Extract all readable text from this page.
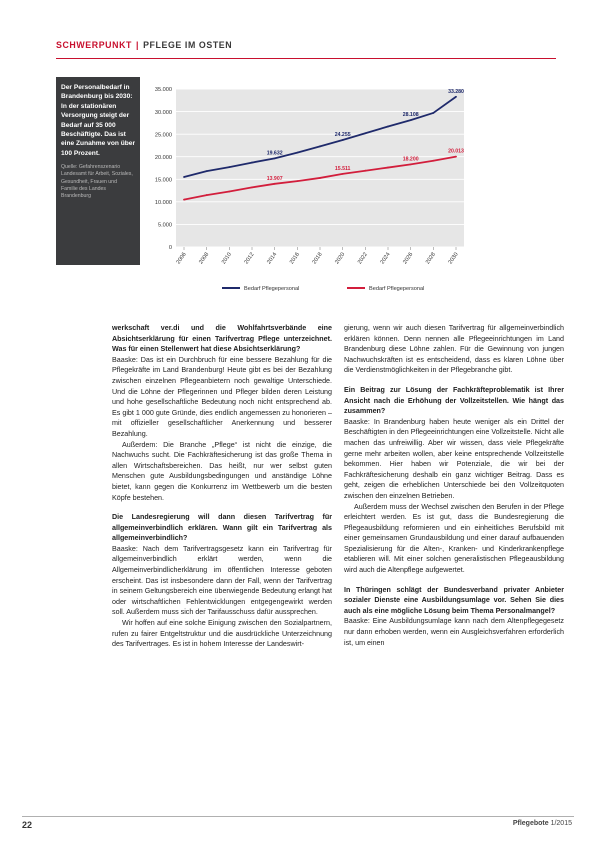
SCHWERPUNKT | PFLEGE IM OSTEN

Der Personalbedarf in Brandenburg bis 2030: In der stationären Versorgung steigt der Bedarf auf 35 000 Beschäftigte. Das ist eine Zunahme von über 100 Prozent.

Quelle: Gefahrenszenario Landesamt für Arbeit, Soziales, Gesundheit, Frauen und Familie des Landes Brandenburg

0
5.000
10.000
15.000
20.000
25.000
30.000
35.000
2006 2008 2010 2012 2014 2016 2018 2020 2022 2024 2026 2028 2030
19.632
24.255
28.108
33.280
13.907
15.511
18.200
20.013
Bedarf Pflegepersonal	Bedarf Pflegepersonal

werkschaft ver.di und die Wohlfahrtsverbände eine Absichtserklärung für einen Tarifvertrag Pflege unterzeichnet. Was für einen Stellenwert hat diese Absichtserklärung?

Baaske: Das ist ein Durchbruch für eine bessere Bezahlung für die Pflegekräfte im Land Brandenburg! Heute gibt es bei der Bezahlung zwischen einzelnen Pflegeanbietern noch gewaltige Unterschiede. Und die Löhne der Pflegerinnen und Pfleger bilden deren Leistung und hohe gesellschaftliche Bedeutung noch nicht entsprechend ab. Es gibt 1 000 gute Gründe, dies endlich angemessen zu honorieren – mit offizieller gesellschaftlicher Anerkennung und besserer Bezahlung.

Außerdem: Die Branche „Pflege“ ist nicht die einzige, die Nachwuchs sucht. Die Fachkräftesicherung ist das große Thema in allen Wirtschaftsbereichen. Das heißt, nur wer selbst guten Menschen gute Ausbildungsbedingungen und anständige Löhne bietet, kann gegen die Konkurrenz im Wettbewerb um die besten Köpfe bestehen.

Die Landesregierung will dann diesen Tarifvertrag für allgemeinverbindlich erklären. Wann gilt ein Tarifvertrag als allgemeinverbindlich?

Baaske: Nach dem Tarifvertragsgesetz kann ein Tarifvertrag für allgemeinverbindlich erklärt werden, wenn die Allgemeinverbindlicherklärung im öffentlichen Interesse geboten erscheint. Das ist insbesondere dann der Fall, wenn der Tarifvertrag in seinem Geltungsbereich eine überwiegende Bedeutung erlangt hat oder wirtschaftlichen Fehlentwicklungen entgegengewirkt werden soll. Außerdem muss sich der Tarifausschuss dafür aussprechen.

Wir hoffen auf eine solche Einigung zwischen den Sozialpartnern, rufen zu fairer Entgeltstruktur und die ausdrückliche Unterzeichnung des Tarifvertrages. Es ist in hohem Interesse der Landeswirt-

gierung, wenn wir auch diesen Tarifvertrag für allgemeinverbindlich erklären können. Denn nennen alle Pflegeeinrichtungen im Land Brandenburg diese Löhne zahlen. Für die Gewinnung von jungen Nachwuchskräften ist es entscheidend, dass es klaren Löhne über die Verdienstmöglichkeiten in der Pflegebranche gibt.

Ein Beitrag zur Lösung der Fachkräfteproblematik ist Ihrer Ansicht nach die Erhöhung der Vollzeitstellen. Wie hängt das zusammen?

Baaske: In Brandenburg haben heute weniger als ein Drittel der Beschäftigten in den Pflegeeinrichtungen eine Vollzeitstelle. Nicht alle machen das unfreiwillig. Aber wir wissen, dass viele Pflegekräfte gerne mehr arbeiten wollen, aber keine entsprechende Vollzeitstelle bekommen. Hier haben wir Potenziale, die wir bei der Fachkräftesicherung deshalb ein ganz wichtiger Beitrag. Dass es geht, zeigen die erheblichen Unterschiede bei den Vollzeitquoten zwischen den einzelnen Betrieben.

Außerdem muss der Wechsel zwischen den Berufen in der Pflege erleichtert werden. Es ist gut, dass die Bundesregierung die Pflegeausbildung reformieren und ein einheitliches Berufsbild mit einer gemeinsamen Grundausbildung und einer darauf aufbauenden Spezialisierung für die Alten-, Kranken- und Kinderkrankenpflege etablieren will. Mit einer solchen generalistischen Pflegeausbildung wird auch die Altenpflege aufgewertet.

In Thüringen schlägt der Bundesverband privater Anbieter sozialer Dienste eine Ausbildungsumlage vor. Sehen Sie dies auch als eine mögliche Lösung beim Thema Personalmangel?

Baaske: Eine Ausbildungsumlage kann nach dem Altenpflegegesetz nur dann erhoben werden, wenn ein Ausgleichsverfahren erforderlich ist, um einen

22	Pflegebote 1/2015
